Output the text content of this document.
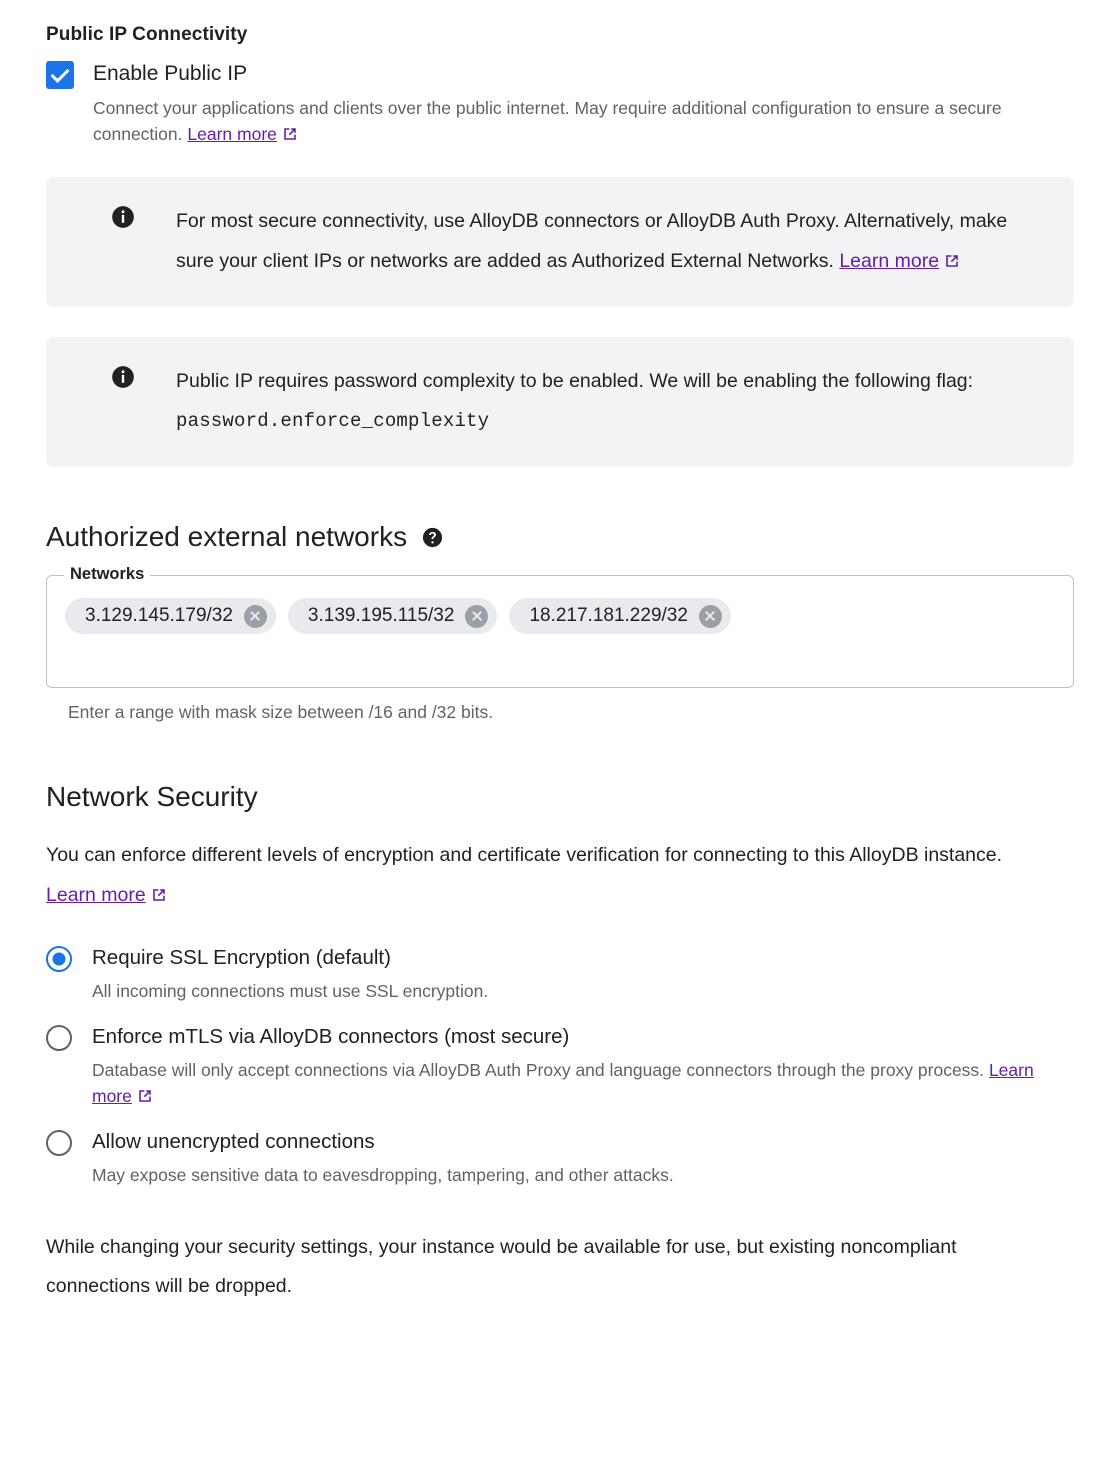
Public IP Connectivity
Enable Public IP
Connect your applications and clients over the public internet. May require additional configuration to ensure a secure connection. Learn more
For most secure connectivity, use AlloyDB connectors or AlloyDB Auth Proxy. Alternatively, make sure your client IPs or networks are added as Authorized External Networks. Learn more
Public IP requires password complexity to be enabled. We will be enabling the following flag:
password.enforce_complexity
Authorized external networks
Networks
3.129.145.179/32	3.139.195.115/32	18.217.181.229/32
Enter a range with mask size between /16 and /32 bits.
Network Security
You can enforce different levels of encryption and certificate verification for connecting to this AlloyDB instance. Learn more
Require SSL Encryption (default)
All incoming connections must use SSL encryption.
Enforce mTLS via AlloyDB connectors (most secure)
Database will only accept connections via AlloyDB Auth Proxy and language connectors through the proxy process. Learn more
Allow unencrypted connections
May expose sensitive data to eavesdropping, tampering, and other attacks.
While changing your security settings, your instance would be available for use, but existing noncompliant connections will be dropped.
